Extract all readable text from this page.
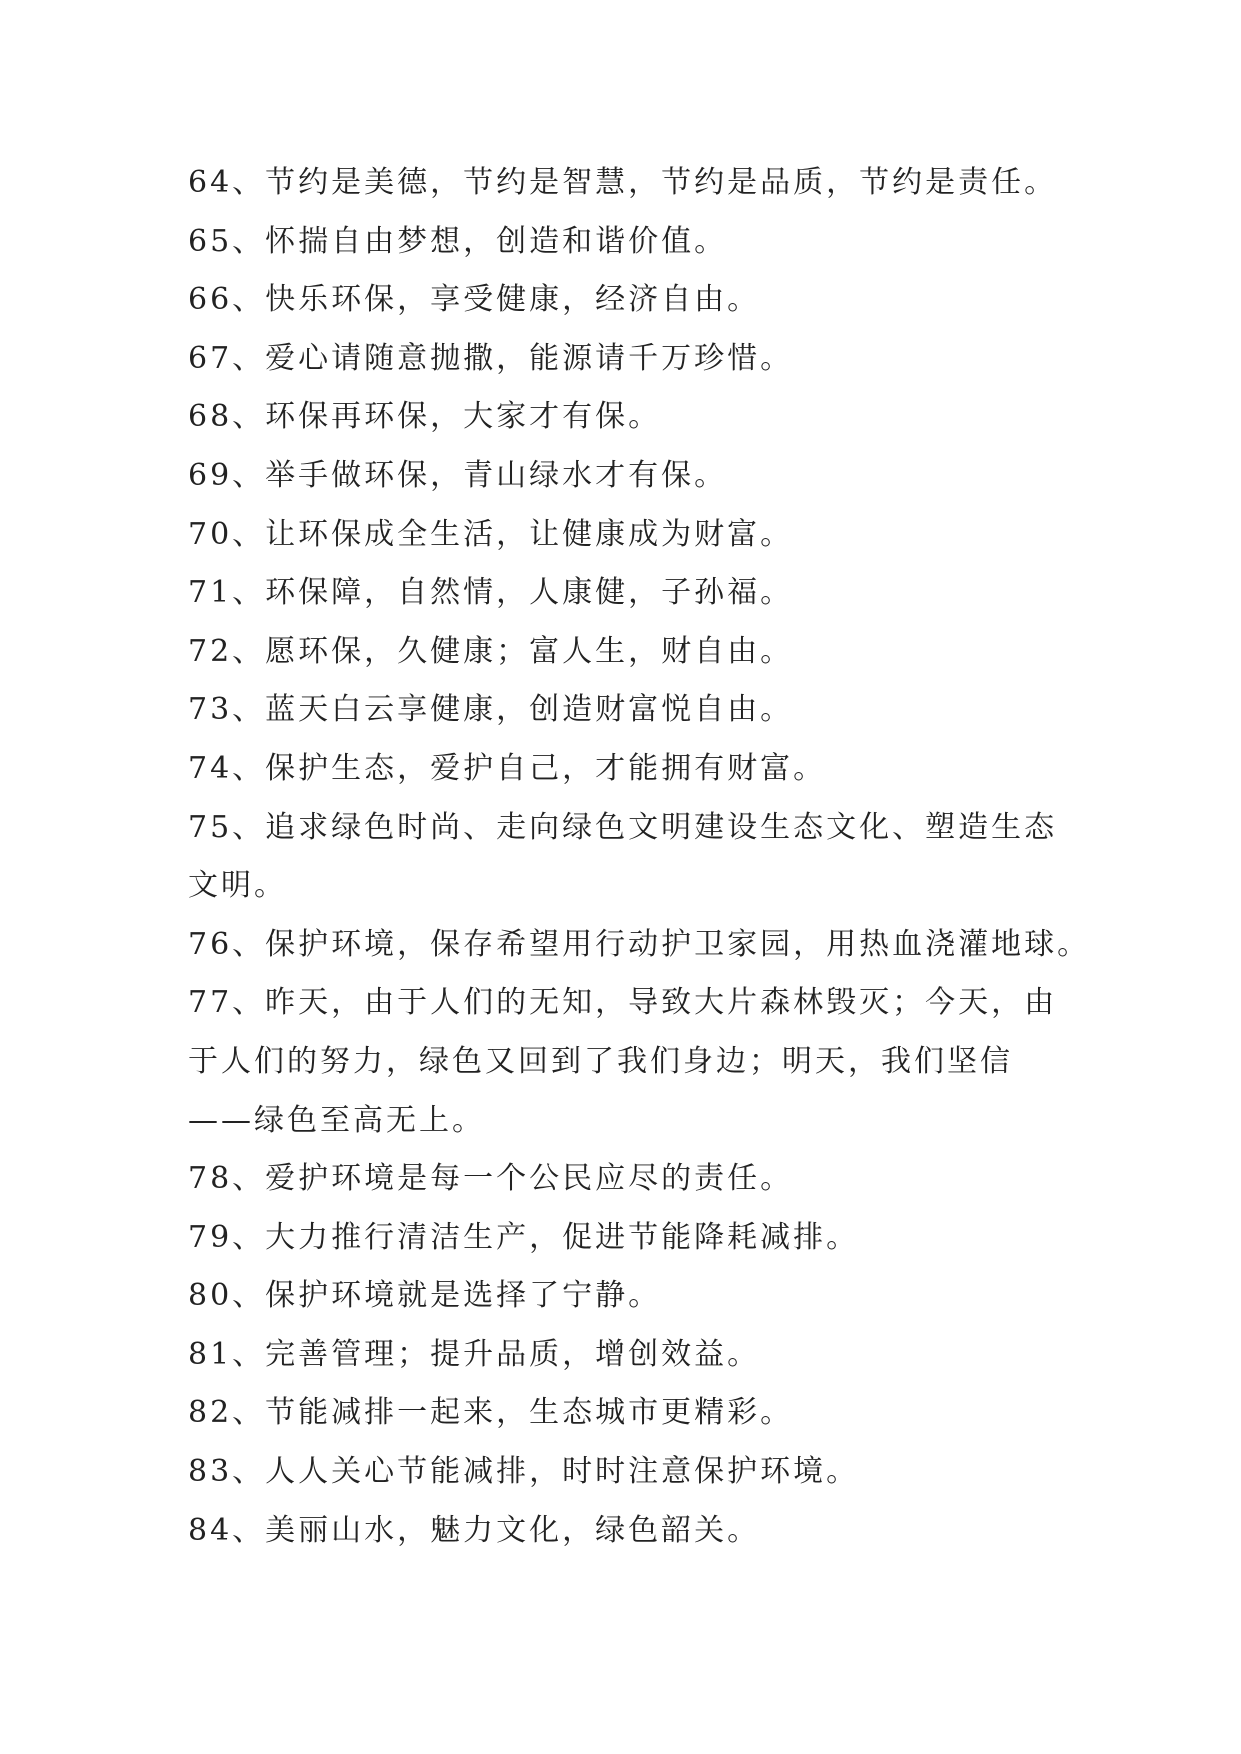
64、节约是美德，节约是智慧，节约是品质，节约是责任。
65、怀揣自由梦想，创造和谐价值。
66、快乐环保，享受健康，经济自由。
67、爱心请随意抛撒，能源请千万珍惜。
68、环保再环保，大家才有保。
69、举手做环保，青山绿水才有保。
70、让环保成全生活，让健康成为财富。
71、环保障，自然情，人康健，子孙福。
72、愿环保，久健康；富人生，财自由。
73、蓝天白云享健康，创造财富悦自由。
74、保护生态，爱护自己，才能拥有财富。
75、追求绿色时尚、走向绿色文明建设生态文化、塑造生态
文明。
76、保护环境，保存希望用行动护卫家园，用热血浇灌地球。
77、昨天，由于人们的无知，导致大片森林毁灭；今天，由
于人们的努力，绿色又回到了我们身边；明天，我们坚信
——绿色至高无上。
78、爱护环境是每一个公民应尽的责任。
79、大力推行清洁生产，促进节能降耗减排。
80、保护环境就是选择了宁静。
81、完善管理；提升品质，增创效益。
82、节能减排一起来，生态城市更精彩。
83、人人关心节能减排，时时注意保护环境。
84、美丽山水，魅力文化，绿色韶关。
